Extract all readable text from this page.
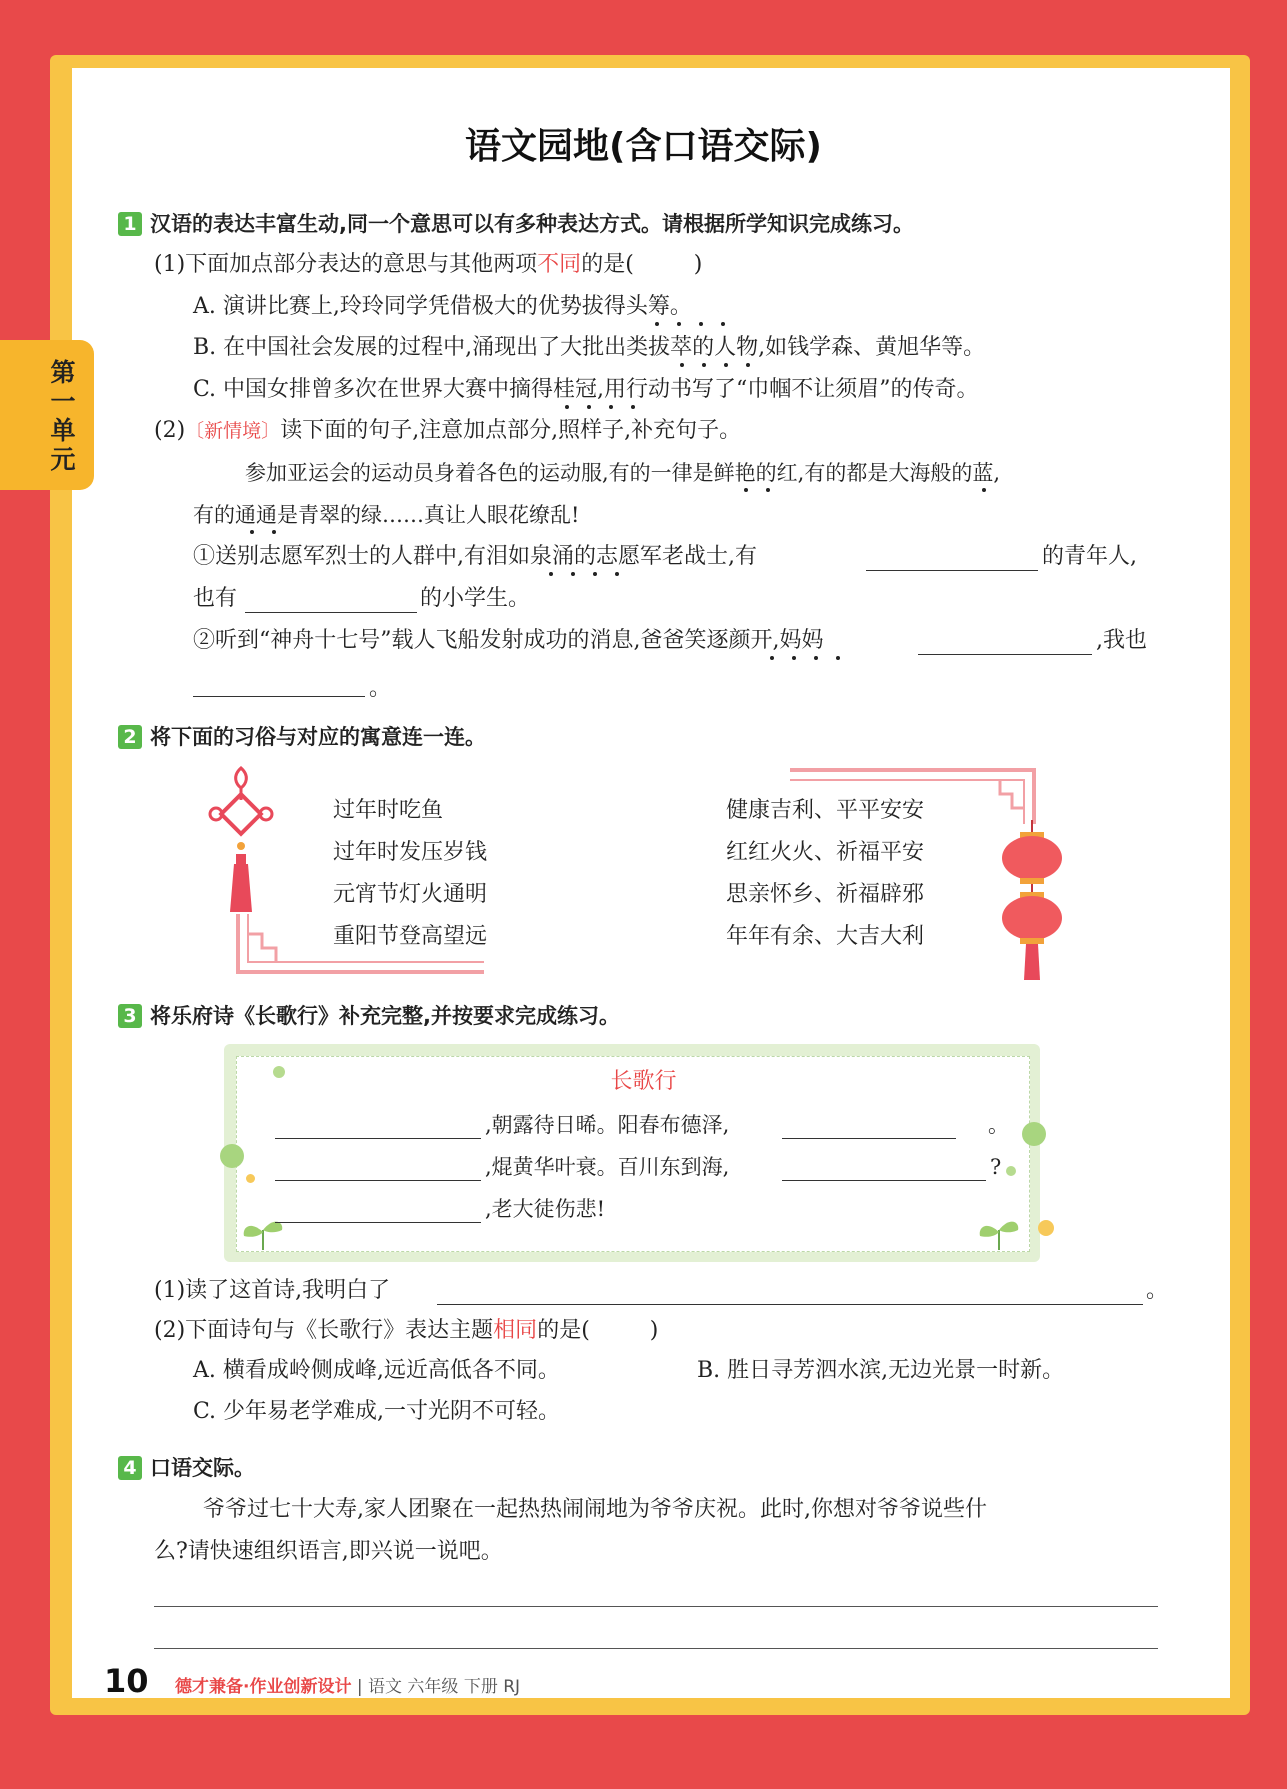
第一单元
语文园地(含口语交际)
1 汉语的表达丰富生动,同一个意思可以有多种表达方式。请根据所学知识完成练习。
(1)下面加点部分表达的意思与其他两项不同的是(	)
A. 演讲比赛上,玲玲同学凭借极大的优势拔得头筹。
B. 在中国社会发展的过程中,涌现出了大批出类拔萃的人物,如钱学森、黄旭华等。
C. 中国女排曾多次在世界大赛中摘得桂冠,用行动书写了“巾帼不让须眉”的传奇。
(2)〔新情境〕读下面的句子,注意加点部分,照样子,补充句子。
参加亚运会的运动员身着各色的运动服,有的一律是鲜艳的红,有的都是大海般的蓝,
有的通通是青翠的绿……真让人眼花缭乱!
①送别志愿军烈士的人群中,有泪如泉涌的志愿军老战士,有	的青年人,
也有	的小学生。
②听到“神舟十七号”载人飞船发射成功的消息,爸爸笑逐颜开,妈妈	,我也
。
2 将下面的习俗与对应的寓意连一连。
过年时吃鱼
过年时发压岁钱
元宵节灯火通明
重阳节登高望远
健康吉利、平平安安
红红火火、祈福平安
思亲怀乡、祈福辟邪
年年有余、大吉大利
3 将乐府诗《长歌行》补充完整,并按要求完成练习。
长歌行
,朝露待日晞。阳春布德泽,	。
,焜黄华叶衰。百川东到海,	?
,老大徒伤悲!
(1)读了这首诗,我明白了	。
(2)下面诗句与《长歌行》表达主题相同的是(	)
A. 横看成岭侧成峰,远近高低各不同。	B. 胜日寻芳泗水滨,无边光景一时新。
C. 少年易老学难成,一寸光阴不可轻。
4 口语交际。
爷爷过七十大寿,家人团聚在一起热热闹闹地为爷爷庆祝。此时,你想对爷爷说些什
么?请快速组织语言,即兴说一说吧。
10 德才兼备·作业创新设计 | 语文 六年级 下册 RJ
